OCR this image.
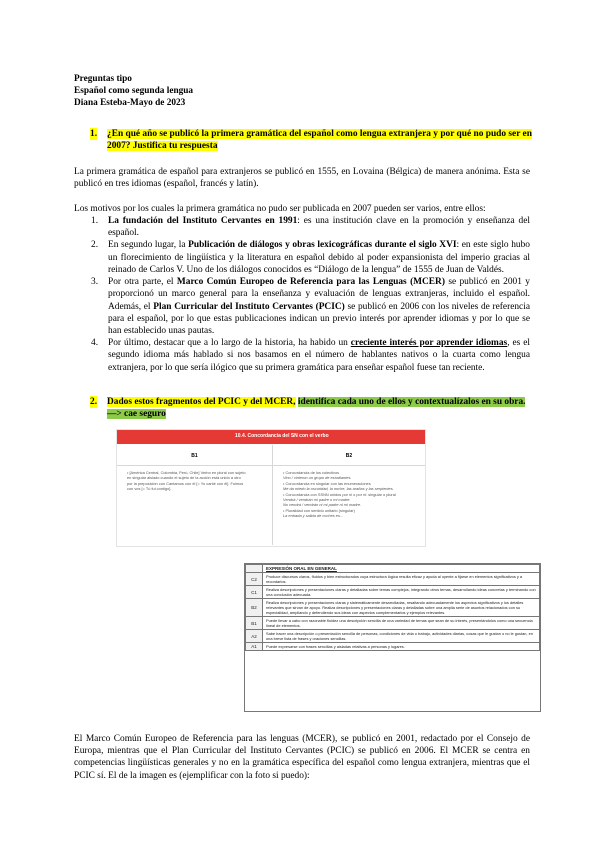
Preguntas tipo
Español como segunda lengua
Diana Esteba-Mayo de 2023
1. ¿En qué año se publicó la primera gramática del español como lengua extranjera y por qué no pudo ser en 2007? Justifica tu respuesta
La primera gramática de español para extranjeros se publicó en 1555, en Lovaina (Bélgica) de manera anónima. Esta se publicó en tres idiomas (español, francés y latín).
Los motivos por los cuales la primera gramática no pudo ser publicada en 2007 pueden ser varios, entre ellos:
1. La fundación del Instituto Cervantes en 1991: es una institución clave en la promoción y enseñanza del español.
2. En segundo lugar, la Publicación de diálogos y obras lexicográficas durante el siglo XVI: en este siglo hubo un florecimiento de lingüística y la literatura en español debido al poder expansionista del imperio gracias al reinado de Carlos V. Uno de los diálogos conocidos es “Diálogo de la lengua” de 1555 de Juan de Valdés.
3. Por otra parte, el Marco Común Europeo de Referencia para las Lenguas (MCER) se publicó en 2001 y proporcionó un marco general para la enseñanza y evaluación de lenguas extranjeras, incluido el español. Además, el Plan Curricular del Instituto Cervantes (PCIC) se publicó en 2006 con los niveles de referencia para el español, por lo que estas publicaciones indican un previo interés por aprender idiomas y por lo que se han establecido unas pautas.
4. Por último, destacar que a lo largo de la historia, ha habido un creciente interés por aprender idiomas, es el segundo idioma más hablado si nos basamos en el número de hablantes nativos o la cuarta como lengua extranjera, por lo que sería ilógico que su primera gramática para enseñar español fuese tan reciente.
2. Dados estos fragmentos del PCIC y del MCER, identifica cada uno de ellos y contextualízalos en su obra. —> cae seguro
10.4. Concordancia del SN con el verbo
B1	B2
• [América Central, Colombia, Perú, Chile] Verbo en plural con sujeto en singular aislado cuando el sujeto de la acción está unido a otro por la preposición con Cantamos con él [= Yo canté con él]. Fuimos con vos [= Tú fui contigo].
• Concordancia de los colectivos
Vino / vinieron un grupo de estudiantes.
• Concordancia en singular con las enumeraciones
Me da miedo la oscuridad, la noche, las arañas y las serpientes.
• Concordancia con SSNN unidos por ni o por ni: singular o plural
Vendrá / vendrán mi padre o mi madre.
No vendrá / vendrán ni mi padre ni mi madre.
• Pluralidad con sentido unitario (singular)
La entrada y salida de coches es...
	EXPRESIÓN ORAL EN GENERAL
C2	Produce discursos claros, fluidos y bien estructurados cuya estructura lógica resulta eficaz y ayuda al oyente a fijarse en elementos significativos y a recordarlos.
C1	Realiza descripciones y presentaciones claras y detalladas sobre temas complejos, integrando otros temas, desarrollando ideas concretas y terminando con una conclusión adecuada.
B2	Realiza descripciones y presentaciones claras y sistemáticamente desarrolladas, resaltando adecuadamente los aspectos significativos y los detalles relevantes que sirvan de apoyo. Realiza descripciones y presentaciones claras y detalladas sobre una amplia serie de asuntos relacionados con su especialidad, ampliando y defendiendo sus ideas con aspectos complementarios y ejemplos relevantes.
B1	Puede llevar a cabo con razonable fluidez una descripción sencilla de una variedad de temas que sean de su interés, presentándolos como una secuencia lineal de elementos.
A2	Sabe hacer una descripción o presentación sencilla de personas, condiciones de vida o trabajo, actividades diarias, cosas que le gustan o no le gustan, en una breve lista de frases y oraciones sencillas.
A1	Puede expresarse con frases sencillas y aisladas relativas a personas y lugares.
El Marco Común Europeo de Referencia para las lenguas (MCER), se publicó en 2001, redactado por el Consejo de Europa, mientras que el Plan Curricular del Instituto Cervantes (PCIC) se publicó en 2006. El MCER se centra en competencias lingüísticas generales y no en la gramática específica del español como lengua extranjera, mientras que el PCIC sí. El de la imagen es (ejemplificar con la foto si puedo):
